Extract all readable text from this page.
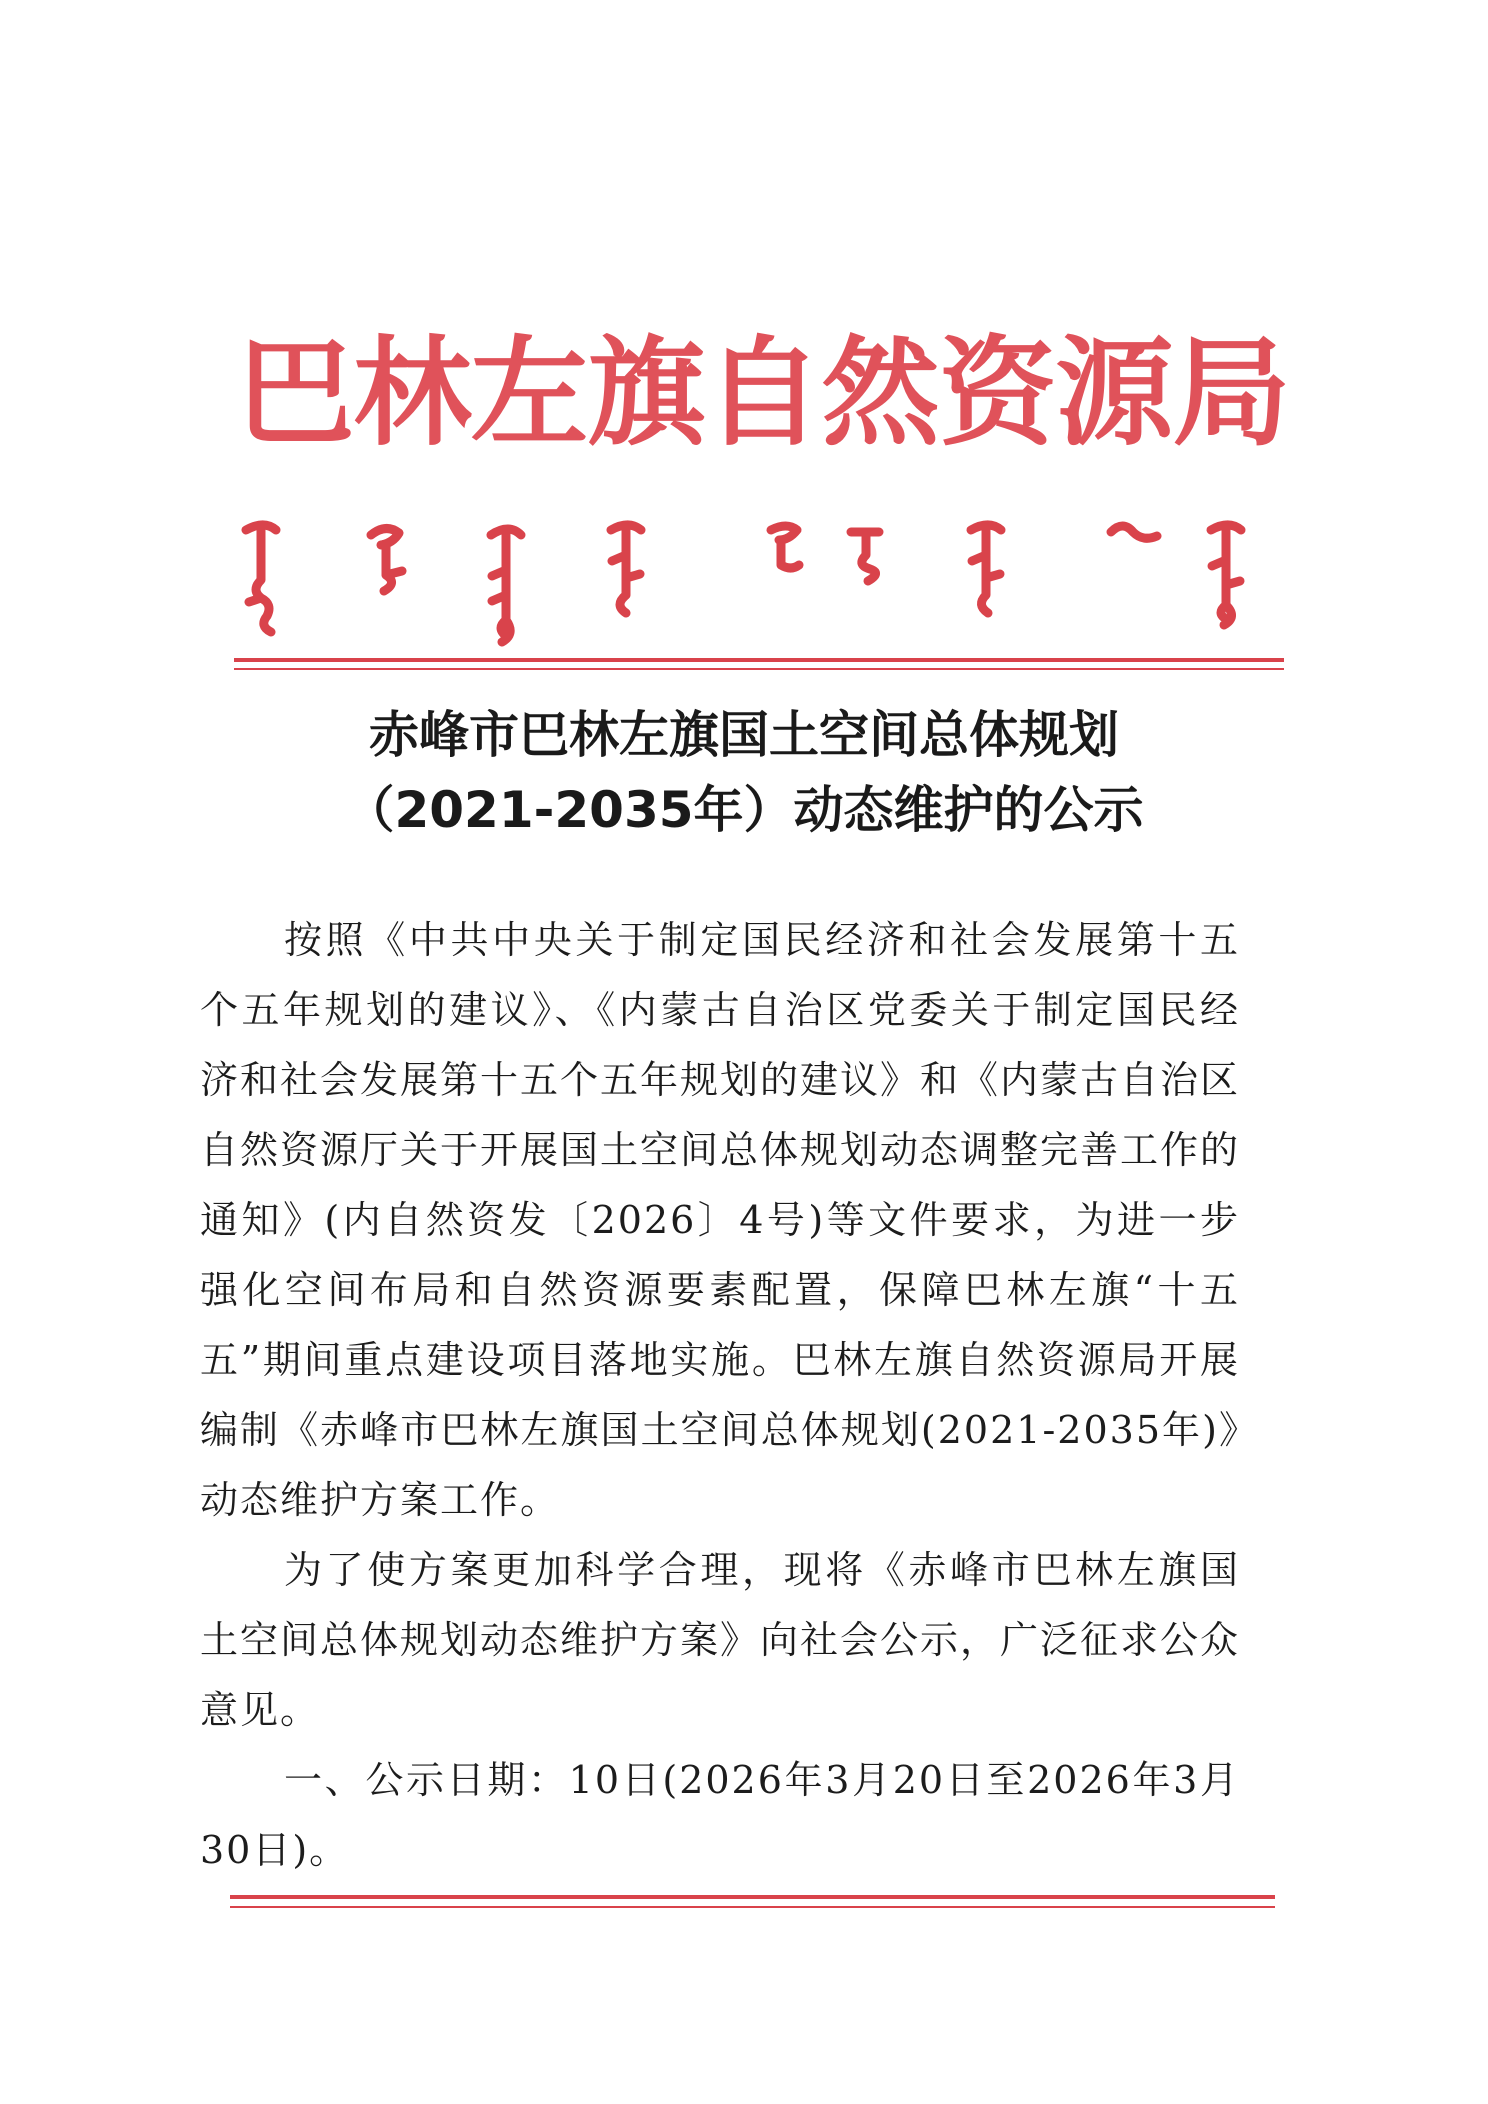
巴林左旗自然资源局
赤峰市巴林左旗国土空间总体规划
（2021-2035年）动态维护的公示

按照《中共中央关于制定国民经济和社会发展第十五个五年规划的建议》、《内蒙古自治区党委关于制定国民经济和社会发展第十五个五年规划的建议》和《内蒙古自治区自然资源厅关于开展国土空间总体规划动态调整完善工作的通知》(内自然资发〔2026〕4号)等文件要求，为进一步强化空间布局和自然资源要素配置，保障巴林左旗“十五五”期间重点建设项目落地实施。巴林左旗自然资源局开展编制《赤峰市巴林左旗国土空间总体规划(2021-2035年)》动态维护方案工作。

为了使方案更加科学合理，现将《赤峰市巴林左旗国土空间总体规划动态维护方案》向社会公示，广泛征求公众意见。

一、公示日期：10日(2026年3月20日至2026年3月30日)。
